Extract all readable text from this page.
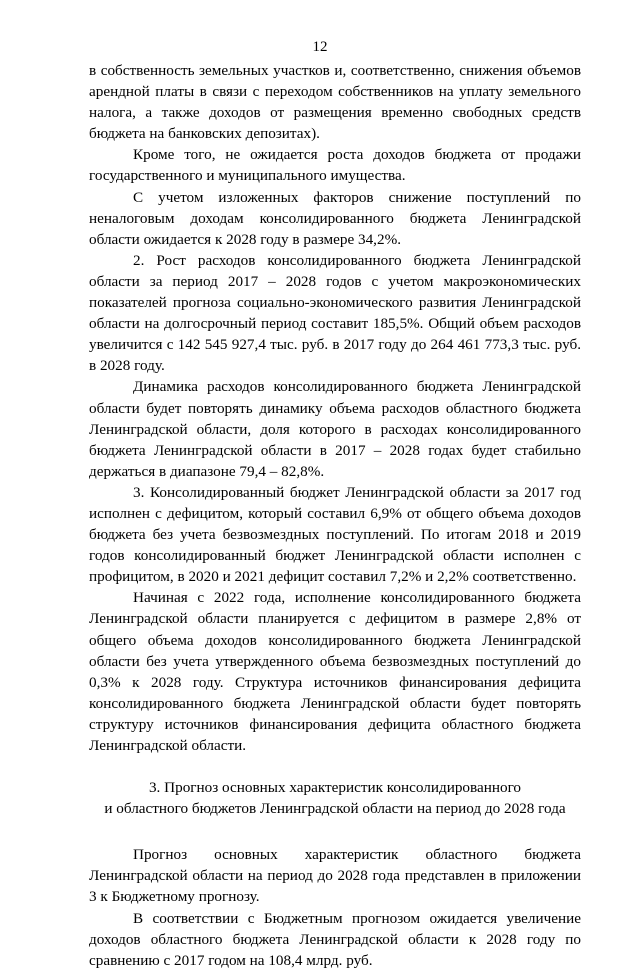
12

в собственность земельных участков и, соответственно, снижения объемов арендной платы в связи с переходом собственников на уплату земельного налога, а также доходов от размещения временно свободных средств бюджета на банковских депозитах).

Кроме того, не ожидается роста доходов бюджета от продажи государственного и муниципального имущества.

С учетом изложенных факторов снижение поступлений по неналоговым доходам консолидированного бюджета Ленинградской области ожидается к 2028 году в размере 34,2%.

2. Рост расходов консолидированного бюджета Ленинградской области за период 2017 – 2028 годов с учетом макроэкономических показателей прогноза социально-экономического развития Ленинградской области на долгосрочный период составит 185,5%. Общий объем расходов увеличится с 142 545 927,4 тыс. руб. в 2017 году до 264 461 773,3 тыс. руб. в 2028 году.

Динамика расходов консолидированного бюджета Ленинградской области будет повторять динамику объема расходов областного бюджета Ленинградской области, доля которого в расходах консолидированного бюджета Ленинградской области в 2017 – 2028 годах будет стабильно держаться в диапазоне 79,4 – 82,8%.

3. Консолидированный бюджет Ленинградской области за 2017 год исполнен с дефицитом, который составил 6,9% от общего объема доходов бюджета без учета безвозмездных поступлений. По итогам 2018 и 2019 годов консолидированный бюджет Ленинградской области исполнен с профицитом, в 2020 и 2021 дефицит составил 7,2% и 2,2% соответственно.

Начиная с 2022 года, исполнение консолидированного бюджета Ленинградской области планируется с дефицитом в размере 2,8% от общего объема доходов консолидированного бюджета Ленинградской области без учета утвержденного объема безвозмездных поступлений до 0,3% к 2028 году. Структура источников финансирования дефицита консолидированного бюджета Ленинградской области будет повторять структуру источников финансирования дефицита областного бюджета Ленинградской области.

3. Прогноз основных характеристик консолидированного
и областного бюджетов Ленинградской области на период до 2028 года

Прогноз основных характеристик областного бюджета Ленинградской области на период до 2028 года представлен в приложении 3 к Бюджетному прогнозу.

В соответствии с Бюджетным прогнозом ожидается увеличение доходов областного бюджета Ленинградской области к 2028 году по сравнению с 2017 годом на 108,4 млрд. руб.
